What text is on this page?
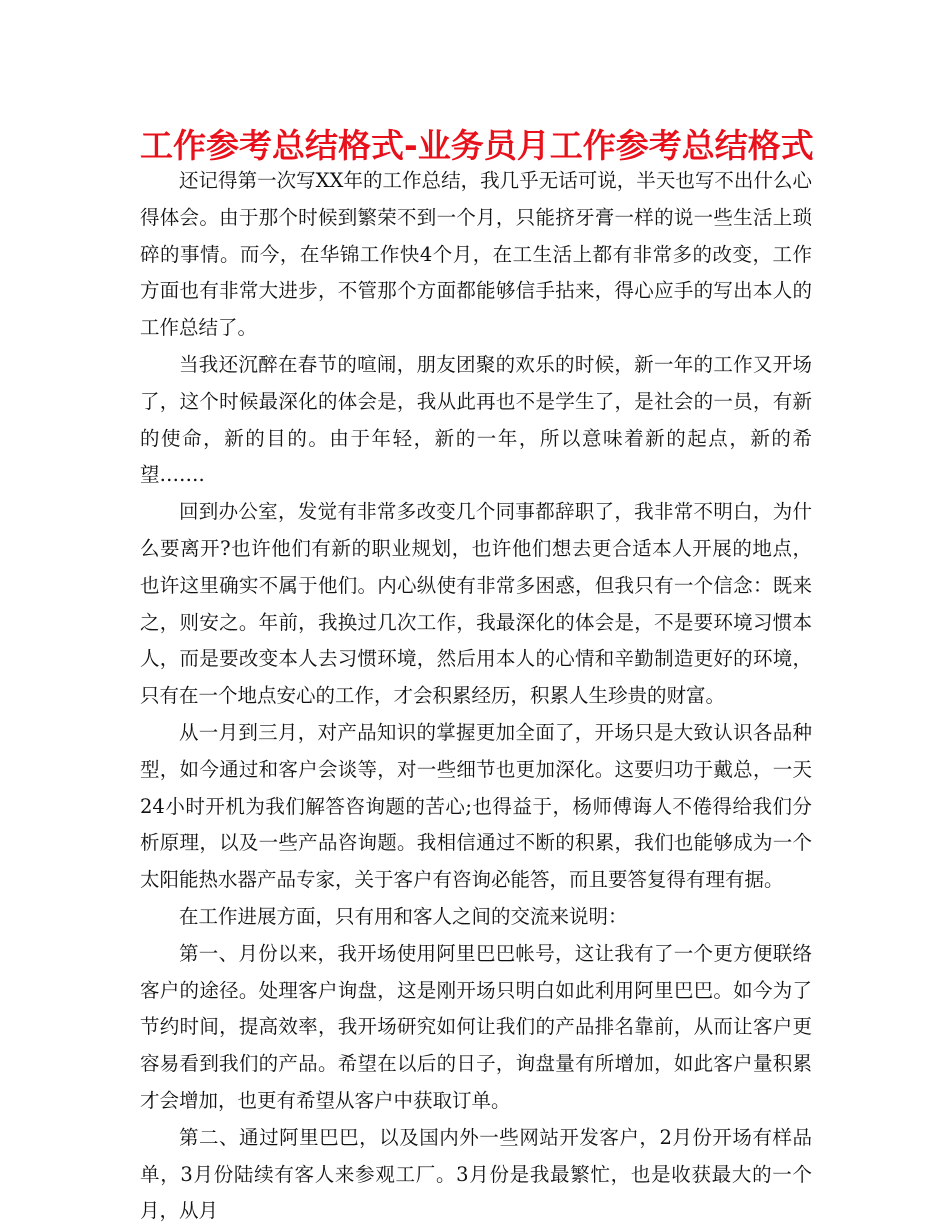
工作参考总结格式-业务员月工作参考总结格式

还记得第一次写XX年的工作总结，我几乎无话可说，半天也写不出什么心得体会。由于那个时候到繁荣不到一个月，只能挤牙膏一样的说一些生活上琐碎的事情。而今，在华锦工作快4个月，在工生活上都有非常多的改变，工作方面也有非常大进步，不管那个方面都能够信手拈来，得心应手的写出本人的工作总结了。

当我还沉醉在春节的喧闹，朋友团聚的欢乐的时候，新一年的工作又开场了，这个时候最深化的体会是，我从此再也不是学生了，是社会的一员，有新的使命，新的目的。由于年轻，新的一年，所以意味着新的起点，新的希望…….

回到办公室，发觉有非常多改变几个同事都辞职了，我非常不明白，为什么要离开?也许他们有新的职业规划，也许他们想去更合适本人开展的地点，也许这里确实不属于他们。内心纵使有非常多困惑，但我只有一个信念：既来之，则安之。年前，我换过几次工作，我最深化的体会是，不是要环境习惯本人，而是要改变本人去习惯环境，然后用本人的心情和辛勤制造更好的环境，只有在一个地点安心的工作，才会积累经历，积累人生珍贵的财富。

从一月到三月，对产品知识的掌握更加全面了，开场只是大致认识各品种型，如今通过和客户会谈等，对一些细节也更加深化。这要归功于戴总，一天24小时开机为我们解答咨询题的苦心;也得益于，杨师傅诲人不倦得给我们分析原理，以及一些产品咨询题。我相信通过不断的积累，我们也能够成为一个太阳能热水器产品专家，关于客户有咨询必能答，而且要答复得有理有据。

在工作进展方面，只有用和客人之间的交流来说明：

第一、月份以来，我开场使用阿里巴巴帐号，这让我有了一个更方便联络客户的途径。处理客户询盘，这是刚开场只明白如此利用阿里巴巴。如今为了节约时间，提高效率，我开场研究如何让我们的产品排名靠前，从而让客户更容易看到我们的产品。希望在以后的日子，询盘量有所增加，如此客户量积累才会增加，也更有希望从客户中获取订单。

第二、通过阿里巴巴，以及国内外一些网站开发客户，2月份开场有样品单，3月份陆续有客人来参观工厂。3月份是我最繁忙，也是收获最大的一个月，从月
